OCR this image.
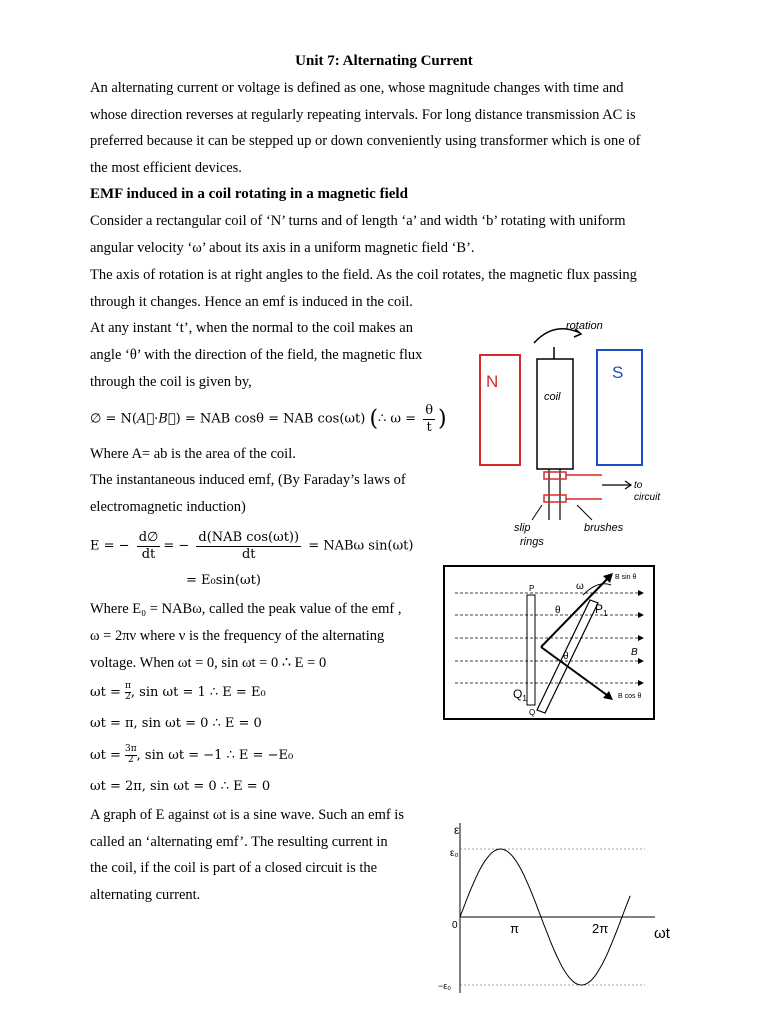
Unit 7: Alternating Current
An alternating current or voltage is defined as one, whose magnitude changes with time and
whose direction reverses at regularly repeating intervals. For long distance transmission AC is
preferred because it can be stepped up or down conveniently using transformer which is one of
the most efficient devices.
EMF induced in a coil rotating in a magnetic field
Consider a rectangular coil of ‘N’ turns and of length ‘a’ and width ‘b’ rotating with uniform
angular velocity ‘ω’ about its axis in a uniform magnetic field ‘B’.
The axis of rotation is at right angles to the field. As the coil rotates, the magnetic flux passing
through it changes. Hence an emf is induced in the coil.
At any instant ‘t’, when the normal to the coil makes an
angle ‘θ’ with the direction of the field, the magnetic flux
through the coil is given by,
∅ = N(A⃗·B⃗) = NAB cosθ = NAB cos(ωt) (∴ $\omega = \frac{\theta}{t}$ )
Where A= ab is the area of the coil.
The instantaneous induced emf, (By Faraday’s laws of
electromagnetic induction)
E = − $\frac{d\emptyset}{dt}$ = − $\frac{\text{d(NAB cos(ωt))}}{dt} = NAB\omega$ sin(ωt)
= E₀sin(ωt)
Where E₀ = NABω, called the peak value of the emf ,
ω = 2πν where ν is the frequency of the alternating
voltage. When ωt = 0, sin ωt = 0 ∴ E = 0
$\omega t = \frac{\pi}{2}$, sin ωt = 1 ∴ E = E₀
ωt = π, sin ωt = 0 ∴ E = 0
$\omega t = \frac{3\pi}{2}$, sin ωt = −1 ∴ E = −E₀
ωt = 2π, sin ωt = 0 ∴ E = 0
A graph of E against ωt is a sine wave. Such an emf is
called an ‘alternating emf’. The resulting current in
the coil, if the coil is part of a closed circuit is the
alternating current.
rotation
N	S
coil
to
circuit
slip
rings
brushes
ω
B sin θ
B cos θ
P
$P_1$
$Q_1$
Q
θ
θ	B
ε
ε₀
0
−ε₀
π	2π	ωt
